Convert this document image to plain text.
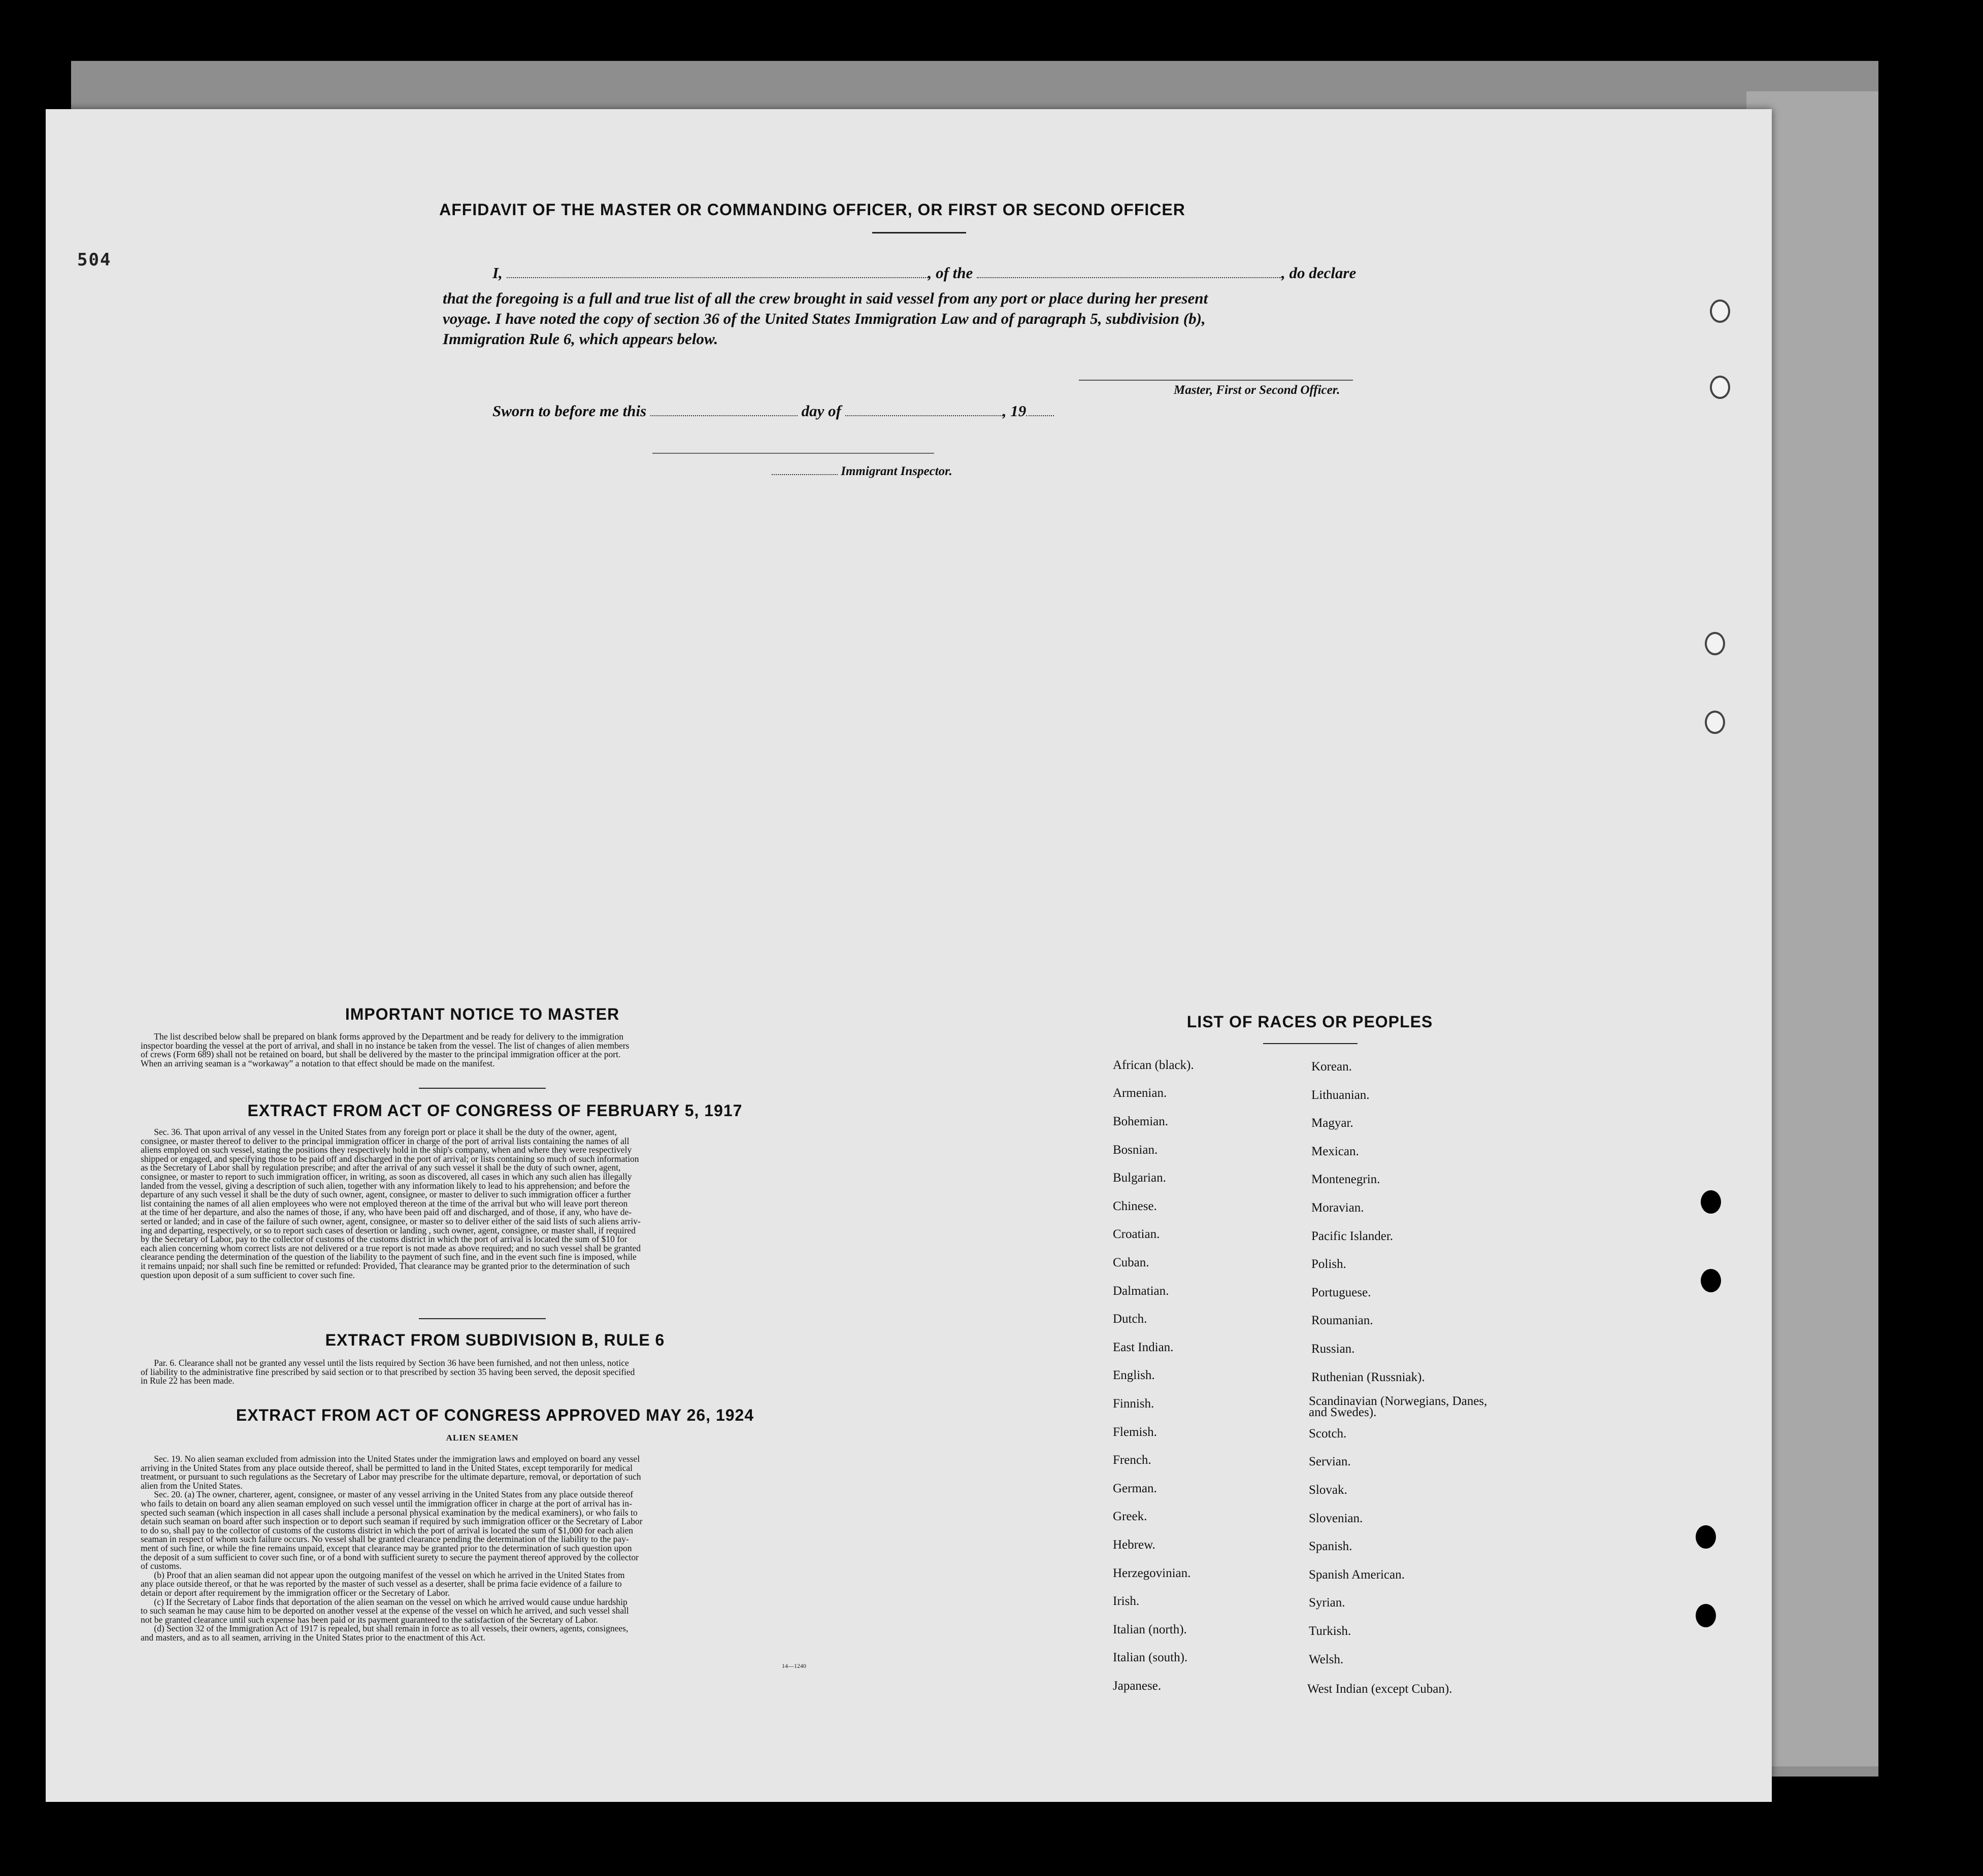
504
AFFIDAVIT OF THE MASTER OR COMMANDING OFFICER, OR FIRST OR SECOND OFFICER
I,	, of the	, do declare
that the foregoing is a full and true list of all the crew brought in said vessel from any port or place during her present
voyage. I have noted the copy of section 36 of the United States Immigration Law and of paragraph 5, subdivision (b),
Immigration Rule 6, which appears below.
Master, First or Second Officer.
Sworn to before me this	day of	, 19
Immigrant Inspector.
IMPORTANT NOTICE TO MASTER
The list described below shall be prepared on blank forms approved by the Department and be ready for delivery to the immigration
inspector boarding the vessel at the port of arrival, and shall in no instance be taken from the vessel. The list of changes of alien members
of crews (Form 689) shall not be retained on board, but shall be delivered by the master to the principal immigration officer at the port.
When an arriving seaman is a “workaway” a notation to that effect should be made on the manifest.
EXTRACT FROM ACT OF CONGRESS OF FEBRUARY 5, 1917
Sec. 36. That upon arrival of any vessel in the United States from any foreign port or place it shall be the duty of the owner, agent,
consignee, or master thereof to deliver to the principal immigration officer in charge of the port of arrival lists containing the names of all
aliens employed on such vessel, stating the positions they respectively hold in the ship's company, when and where they were respectively
shipped or engaged, and specifying those to be paid off and discharged in the port of arrival; or lists containing so much of such information
as the Secretary of Labor shall by regulation prescribe; and after the arrival of any such vessel it shall be the duty of such owner, agent,
consignee, or master to report to such immigration officer, in writing, as soon as discovered, all cases in which any such alien has illegally
landed from the vessel, giving a description of such alien, together with any information likely to lead to his apprehension; and before the
departure of any such vessel it shall be the duty of such owner, agent, consignee, or master to deliver to such immigration officer a further
list containing the names of all alien employees who were not employed thereon at the time of the arrival but who will leave port thereon
at the time of her departure, and also the names of those, if any, who have been paid off and discharged, and of those, if any, who have de-
serted or landed; and in case of the failure of such owner, agent, consignee, or master so to deliver either of the said lists of such aliens arriv-
ing and departing, respectively, or so to report such cases of desertion or landing , such owner, agent, consignee, or master shall, if required
by the Secretary of Labor, pay to the collector of customs of the customs district in which the port of arrival is located the sum of $10 for
each alien concerning whom correct lists are not delivered or a true report is not made as above required; and no such vessel shall be granted
clearance pending the determination of the question of the liability to the payment of such fine, and in the event such fine is imposed, while
it remains unpaid; nor shall such fine be remitted or refunded: Provided, That clearance may be granted prior to the determination of such
question upon deposit of a sum sufficient to cover such fine.
EXTRACT FROM SUBDIVISION B, RULE 6
Par. 6. Clearance shall not be granted any vessel until the lists required by Section 36 have been furnished, and not then unless, notice
of liability to the administrative fine prescribed by said section or to that prescribed by section 35 having been served, the deposit specified
in Rule 22 has been made.
EXTRACT FROM ACT OF CONGRESS APPROVED MAY 26, 1924
ALIEN SEAMEN
Sec. 19. No alien seaman excluded from admission into the United States under the immigration laws and employed on board any vessel
arriving in the United States from any place outside thereof, shall be permitted to land in the United States, except temporarily for medical
treatment, or pursuant to such regulations as the Secretary of Labor may prescribe for the ultimate departure, removal, or deportation of such
alien from the United States.
Sec. 20. (a) The owner, charterer, agent, consignee, or master of any vessel arriving in the United States from any place outside thereof
who fails to detain on board any alien seaman employed on such vessel until the immigration officer in charge at the port of arrival has in-
spected such seaman (which inspection in all cases shall include a personal physical examination by the medical examiners), or who fails to
detain such seaman on board after such inspection or to deport such seaman if required by such immigration officer or the Secretary of Labor
to do so, shall pay to the collector of customs of the customs district in which the port of arrival is located the sum of $1,000 for each alien
seaman in respect of whom such failure occurs. No vessel shall be granted clearance pending the determination of the liability to the pay-
ment of such fine, or while the fine remains unpaid, except that clearance may be granted prior to the determination of such question upon
the deposit of a sum sufficient to cover such fine, or of a bond with sufficient surety to secure the payment thereof approved by the collector
of customs.
(b) Proof that an alien seaman did not appear upon the outgoing manifest of the vessel on which he arrived in the United States from
any place outside thereof, or that he was reported by the master of such vessel as a deserter, shall be prima facie evidence of a failure to
detain or deport after requirement by the immigration officer or the Secretary of Labor.
(c) If the Secretary of Labor finds that deportation of the alien seaman on the vessel on which he arrived would cause undue hardship
to such seaman he may cause him to be deported on another vessel at the expense of the vessel on which he arrived, and such vessel shall
not be granted clearance until such expense has been paid or its payment guaranteed to the satisfaction of the Secretary of Labor.
(d) Section 32 of the Immigration Act of 1917 is repealed, but shall remain in force as to all vessels, their owners, agents, consignees,
and masters, and as to all seamen, arriving in the United States prior to the enactment of this Act.
14—1240
LIST OF RACES OR PEOPLES
African (black).
Armenian.
Bohemian.
Bosnian.
Bulgarian.
Chinese.
Croatian.
Cuban.
Dalmatian.
Dutch.
East Indian.
English.
Finnish.
Flemish.
French.
German.
Greek.
Hebrew.
Herzegovinian.
Irish.
Italian (north).
Italian (south).
Japanese.
Korean.
Lithuanian.
Magyar.
Mexican.
Montenegrin.
Moravian.
Pacific Islander.
Polish.
Portuguese.
Roumanian.
Russian.
Ruthenian (Russniak).
Scandinavian (Norwegians, Danes, and Swedes).
Scotch.
Servian.
Slovak.
Slovenian.
Spanish.
Spanish American.
Syrian.
Turkish.
Welsh.
West Indian (except Cuban).
